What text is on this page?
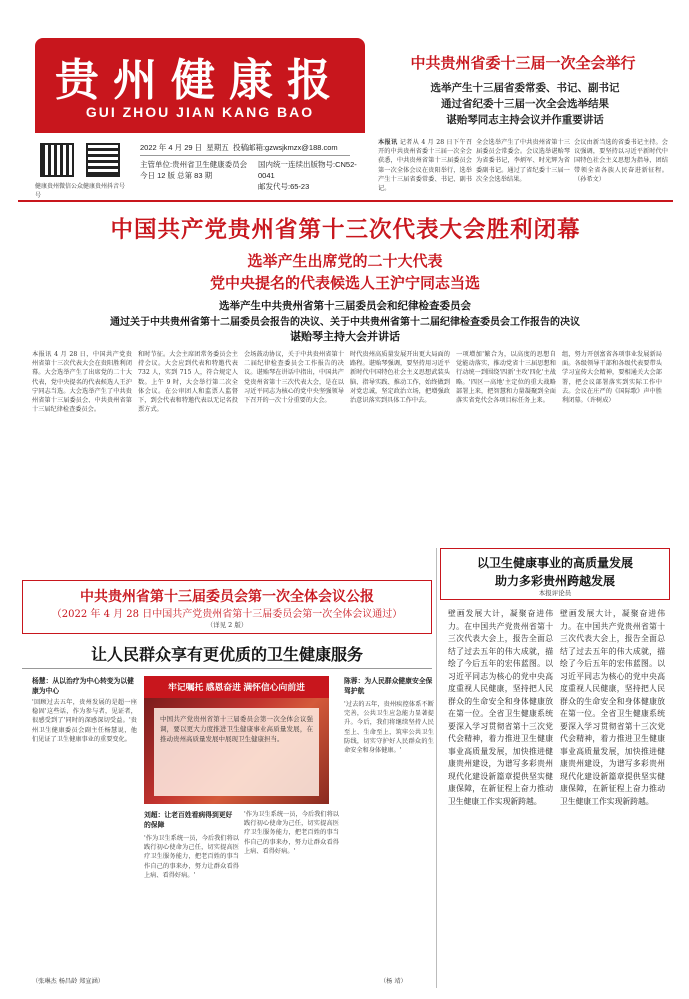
贵州健康报
GUI ZHOU JIAN KANG BAO
健康贵州微信公众号
健康贵州抖音号
2022 年 4 月 29 日 星期五 投稿邮箱:gzwsjkmzx@188.com
主管单位:贵州省卫生健康委员会
今日 12 版 总第 83 期
国内统一连续出版物号:CN52-0041
邮发代号:65-23
中共贵州省委十三届一次全会举行
选举产生十三届省委常委、书记、副书记
通过省纪委十三届一次全会选举结果
谌贻琴同志主持会议并作重要讲话
本报讯 记者从 4 月 28 日下午召开的中共贵州省委十三届一次全会获悉，中共贵州省第十三届委员会第一次全体会议在贵阳举行，选举产生十三届省委常委、书记、副书记。
全会选举产生了中共贵州省第十三届委员会常委会。会议选举谌贻琴为省委书记，李炳军、时光辉为省委副书记。通过了省纪委十三届一次全会选举结果。
会议由新当选的省委书记主持。会议强调，要坚持以习近平新时代中国特色社会主义思想为指导，团结带领全省各族人民奋进新征程。（孙希文）
中国共产党贵州省第十三次代表大会胜利闭幕
选举产生出席党的二十大代表
党中央提名的代表候选人王沪宁同志当选
选举产生中共贵州省第十三届委员会和纪律检查委员会
通过关于中共贵州省第十二届委员会报告的决议、关于中共贵州省第十二届纪律检查委员会工作报告的决议
谌贻琴主持大会并讲话
本报讯 4 月 28 日，中国共产党贵州省第十三次代表大会在贵阳胜利闭幕。大会选举产生了出席党的二十大代表，党中央提名的代表候选人王沪宁同志当选。大会选举产生了中共贵州省第十三届委员会、中共贵州省第十三届纪律检查委员会。
和时节征。大会主席团常务委员会主持会议。大会应到代表和特邀代表 732 人，实到 715 人，符合规定人数。上午 9 时，大会举行第二次全体会议。在公审团人和监票人监督下，到会代表和特邀代表以无记名投票方式。
会场鼓动协议，关于中共贵州省第十二届纪律检查委员会工作报告的决议。谌贻琴在讲话中指出，中国共产党贵州省第十三次代表大会，是在以习近平同志为核心的党中央坚强领导下召开的一次十分重要的大会。
时代贵州高质量发展开出更大局面的路程。谌贻琴强调，要坚持用习近平新时代中国特色社会主义思想武装头脑、指导实践、推动工作，始终做到对党忠诚，坚定政治立场，把增强政治意识落实到具体工作中去。
一项增加'繁合为，以高度的思想自觉能动落实，推动党省十三届思想和行动统一到围绕'四新'主攻'四化'主战略。'四区一高地'主定位的重大战略部署上来，把智慧和力量凝聚到全面落实省党代会各项目标任务上来。
组，努力开创富省各项事业发展新局面。各级领导干部和各级代表要带头学习宣传大会精神，要相通关大会部署，把会议部署落实到实际工作中去。会议在庄严的《国际歌》声中胜利闭幕。（许树成）
中共贵州省第十三届委员会第一次全体会议公报
（2022 年 4 月 28 日中国共产党贵州省第十三届委员会第一次全体会议通过）
（详见 2 版）
以卫生健康事业的高质量发展
助力多彩贵州跨越发展
本报评论员
壁画发展大计，凝聚奋进伟力。在中国共产党贵州省第十三次代表大会上，报告全面总结了过去五年的伟大成就，描绘了今后五年的宏伟蓝图。以习近平同志为核心的党中央高度重视人民健康，坚持把人民群众的生命安全和身体健康放在第一位。全省卫生健康系统要深入学习贯彻省第十三次党代会精神，着力推进卫生健康事业高质量发展，加快推进健康贵州建设，为谱写多彩贵州现代化建设新篇章提供坚实健康保障，在新征程上奋力推动卫生健康工作实现新跨越。
壁画发展大计，凝聚奋进伟力。在中国共产党贵州省第十三次代表大会上，报告全面总结了过去五年的伟大成就，描绘了今后五年的宏伟蓝图。以习近平同志为核心的党中央高度重视人民健康，坚持把人民群众的生命安全和身体健康放在第一位。全省卫生健康系统要深入学习贯彻省第十三次党代会精神，着力推进卫生健康事业高质量发展，加快推进健康贵州建设，为谱写多彩贵州现代化建设新篇章提供坚实健康保障，在新征程上奋力推动卫生健康工作实现新跨越。
让人民群众享有更优质的卫生健康服务
杨慧：从以治疗为中心转变为以健康为中心
'回顾过去五年，贵州发展的是超一座稳固'这些话，作为参与者，见证者，很感受到了'同时的深感深切受益。'贵州卫生健康委员会副主任杨慧说，他们见证了卫生健康事业的重要变化。
（张琳杰 杨昌龄 郑宣涵）
牢记嘱托 感恩奋进 满怀信心向前进
中国共产党贵州省第十三届委员会第一次全体会议强调，要以更大力度推进卫生健康事业高质量发展，在推动贵州高质量发展中展现卫生健康担当。
刘超：让老百姓看病得到更好的保障
'作为卫生系统一员，今后我们将以践行初心使命为己任，切实提高医疗卫生服务能力，把老百姓的事当作自己的事来办，努力让群众看得上病、看得好病。'
'作为卫生系统一员，今后我们将以践行初心使命为己任，切实提高医疗卫生服务能力，把老百姓的事当作自己的事来办，努力让群众看得上病、看得好病。'
陈蓉：为人民群众健康安全保驾护航
'过去的五年，贵州疾控体系不断完善，公共卫生应急能力显著提升。今后，我们将继续坚持人民至上、生命至上，筑牢公共卫生防线，切实守护好人民群众的生命安全和身体健康。'
（杨 靖）
